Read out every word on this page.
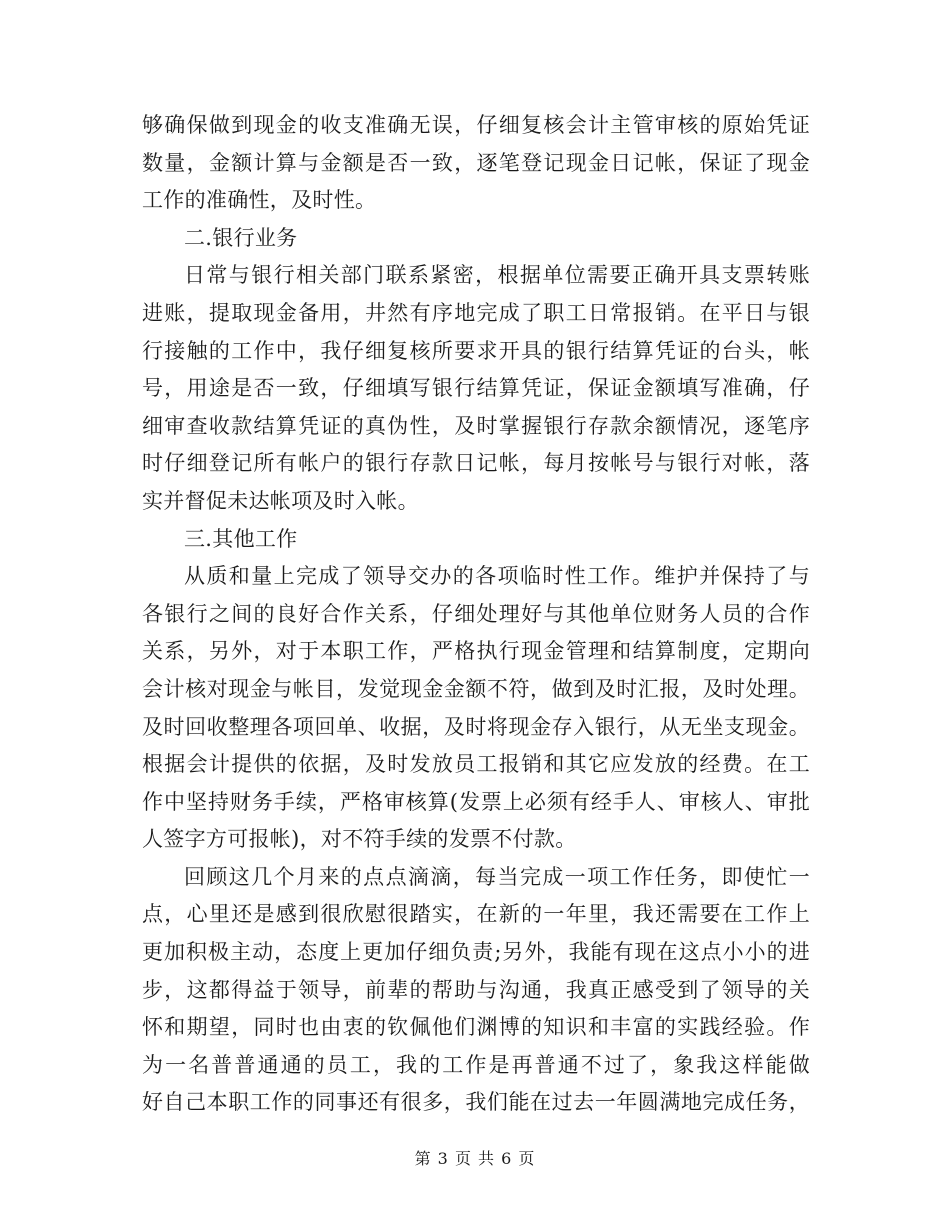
够确保做到现金的收支准确无误，仔细复核会计主管审核的原始凭证
数量，金额计算与金额是否一致，逐笔登记现金日记帐，保证了现金
工作的准确性，及时性。
二.银行业务
日常与银行相关部门联系紧密，根据单位需要正确开具支票转账
进账，提取现金备用，井然有序地完成了职工日常报销。在平日与银
行接触的工作中，我仔细复核所要求开具的银行结算凭证的台头，帐
号，用途是否一致，仔细填写银行结算凭证，保证金额填写准确，仔
细审查收款结算凭证的真伪性，及时掌握银行存款余额情况，逐笔序
时仔细登记所有帐户的银行存款日记帐，每月按帐号与银行对帐，落
实并督促未达帐项及时入帐。
三.其他工作
从质和量上完成了领导交办的各项临时性工作。维护并保持了与
各银行之间的良好合作关系，仔细处理好与其他单位财务人员的合作
关系，另外，对于本职工作，严格执行现金管理和结算制度，定期向
会计核对现金与帐目，发觉现金金额不符，做到及时汇报，及时处理。
及时回收整理各项回单、收据，及时将现金存入银行，从无坐支现金。
根据会计提供的依据，及时发放员工报销和其它应发放的经费。在工
作中坚持财务手续，严格审核算(发票上必须有经手人、审核人、审批
人签字方可报帐)，对不符手续的发票不付款。
回顾这几个月来的点点滴滴，每当完成一项工作任务，即使忙一
点，心里还是感到很欣慰很踏实，在新的一年里，我还需要在工作上
更加积极主动，态度上更加仔细负责;另外，我能有现在这点小小的进
步，这都得益于领导，前辈的帮助与沟通，我真正感受到了领导的关
怀和期望，同时也由衷的钦佩他们渊博的知识和丰富的实践经验。作
为一名普普通通的员工，我的工作是再普通不过了，象我这样能做
好自己本职工作的同事还有很多，我们能在过去一年圆满地完成任务，
第 3 页 共 6 页
